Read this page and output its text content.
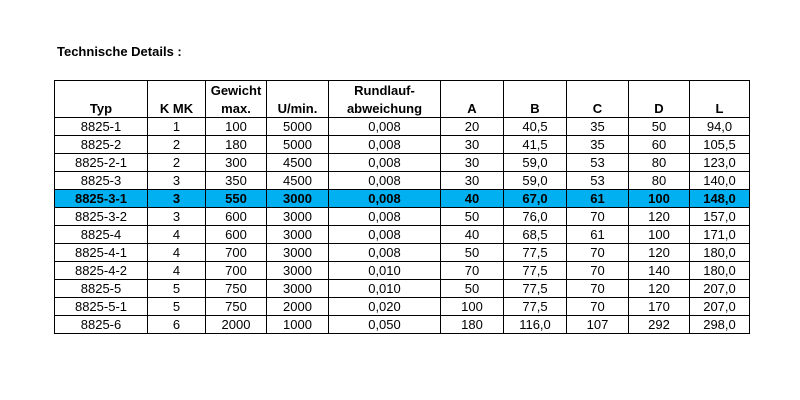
Technische Details :
		Gewicht		Rundlauf-					
Typ	K MK	max.	U/min.	abweichung	A	B	C	D	L
8825-1	1	100	5000	0,008	20	40,5	35	50	94,0
8825-2	2	180	5000	0,008	30	41,5	35	60	105,5
8825-2-1	2	300	4500	0,008	30	59,0	53	80	123,0
8825-3	3	350	4500	0,008	30	59,0	53	80	140,0
8825-3-1	3	550	3000	0,008	40	67,0	61	100	148,0
8825-3-2	3	600	3000	0,008	50	76,0	70	120	157,0
8825-4	4	600	3000	0,008	40	68,5	61	100	171,0
8825-4-1	4	700	3000	0,008	50	77,5	70	120	180,0
8825-4-2	4	700	3000	0,010	70	77,5	70	140	180,0
8825-5	5	750	3000	0,010	50	77,5	70	120	207,0
8825-5-1	5	750	2000	0,020	100	77,5	70	170	207,0
8825-6	6	2000	1000	0,050	180	116,0	107	292	298,0
